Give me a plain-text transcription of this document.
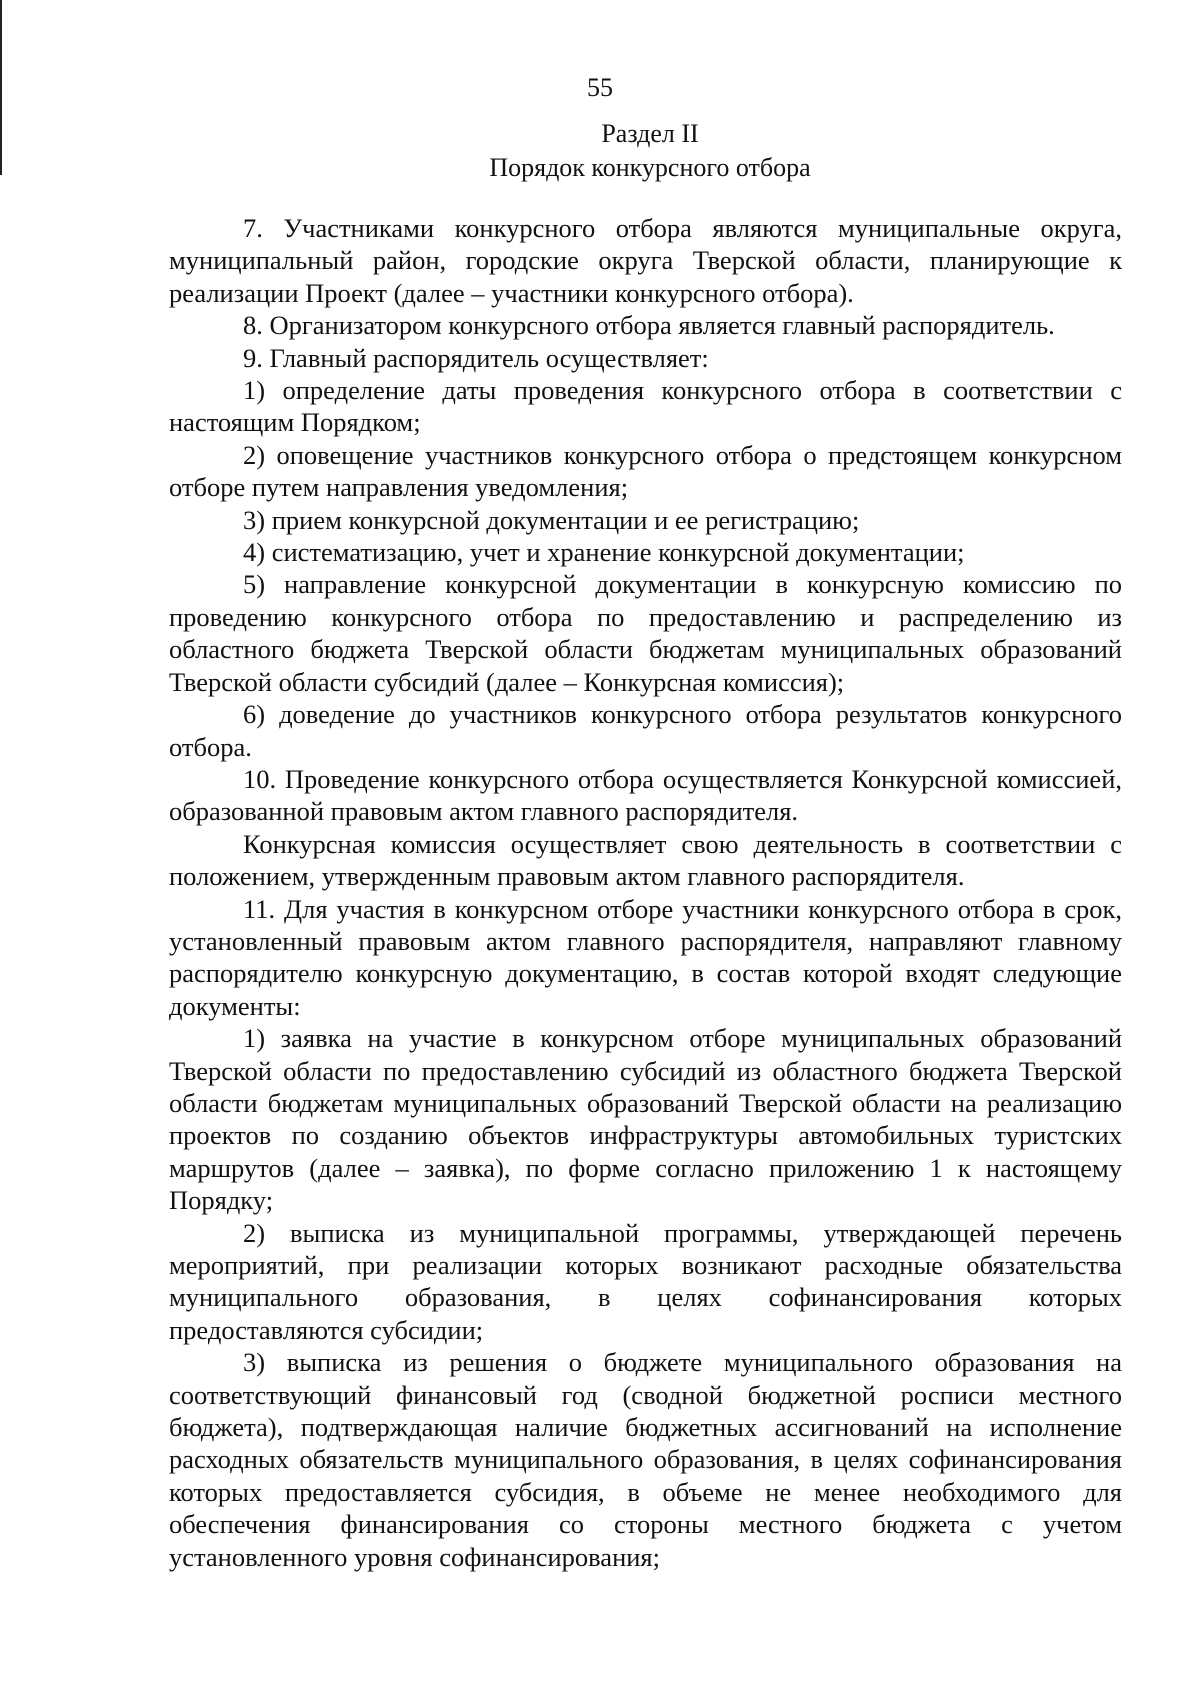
55
Раздел II
Порядок конкурсного отбора

7. Участниками конкурсного отбора являются муниципальные округа, муниципальный район, городские округа Тверской области, планирующие к реализации Проект (далее – участники конкурсного отбора).

8. Организатором конкурсного отбора является главный распорядитель.

9. Главный распорядитель осуществляет:

1) определение даты проведения конкурсного отбора в соответствии с настоящим Порядком;

2) оповещение участников конкурсного отбора о предстоящем конкурсном отборе путем направления уведомления;

3) прием конкурсной документации и ее регистрацию;

4) систематизацию, учет и хранение конкурсной документации;

5) направление конкурсной документации в конкурсную комиссию по проведению конкурсного отбора по предоставлению и распределению из областного бюджета Тверской области бюджетам муниципальных образований Тверской области субсидий (далее – Конкурсная комиссия);

6) доведение до участников конкурсного отбора результатов конкурсного отбора.

10. Проведение конкурсного отбора осуществляется Конкурсной комиссией, образованной правовым актом главного распорядителя.

Конкурсная комиссия осуществляет свою деятельность в соответствии с положением, утвержденным правовым актом главного распорядителя.

11. Для участия в конкурсном отборе участники конкурсного отбора в срок, установленный правовым актом главного распорядителя, направляют главному распорядителю конкурсную документацию, в состав которой входят следующие документы:

1) заявка на участие в конкурсном отборе муниципальных образований Тверской области по предоставлению субсидий из областного бюджета Тверской области бюджетам муниципальных образований Тверской области на реализацию проектов по созданию объектов инфраструктуры автомобильных туристских маршрутов (далее – заявка), по форме согласно приложению 1 к настоящему Порядку;

2) выписка из муниципальной программы, утверждающей перечень мероприятий, при реализации которых возникают расходные обязательства муниципального образования, в целях софинансирования которых предоставляются субсидии;

3) выписка из решения о бюджете муниципального образования на соответствующий финансовый год (сводной бюджетной росписи местного бюджета), подтверждающая наличие бюджетных ассигнований на исполнение расходных обязательств муниципального образования, в целях софинансирования которых предоставляется субсидия, в объеме не менее необходимого для обеспечения финансирования со стороны местного бюджета с учетом установленного уровня софинансирования;
